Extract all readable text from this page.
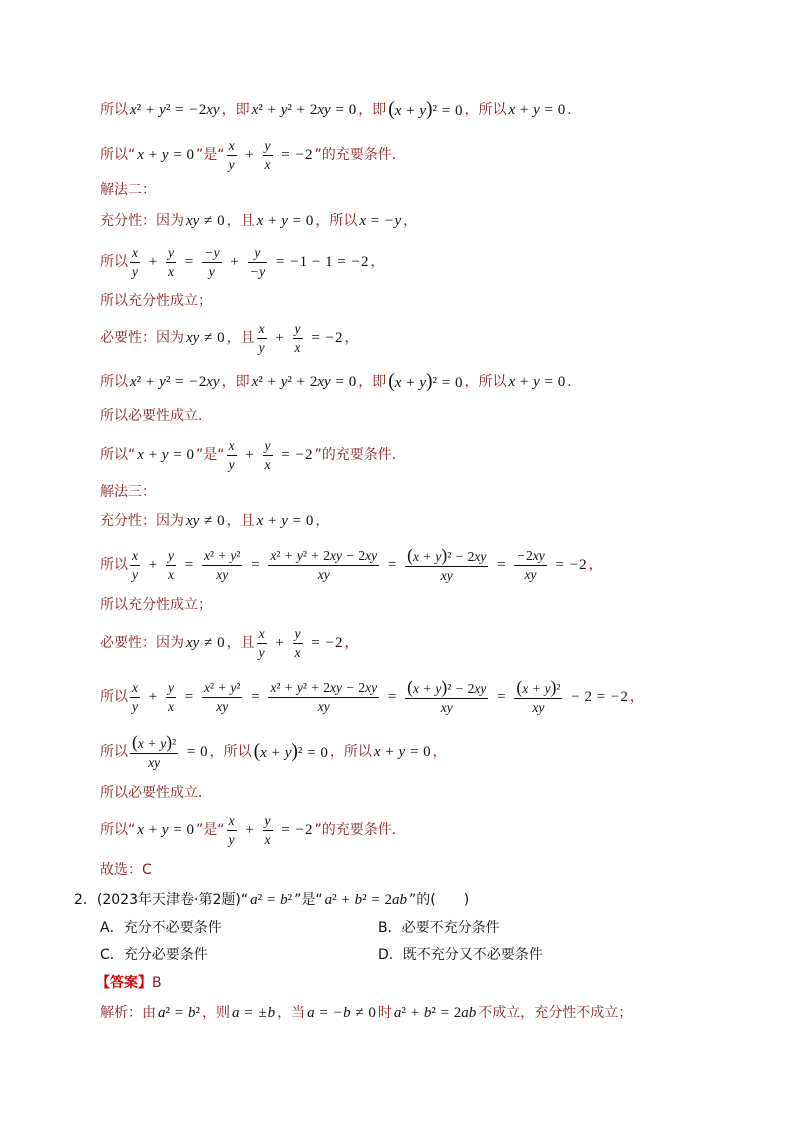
所以 x² + y² = −2xy ，即 x² + y² + 2xy = 0 ，即 (x + y)² = 0 ，所以 x + y = 0 ．
所以“ x + y = 0 ”是“ $\frac{x}{y} + \frac{y}{x} = -2$ ”的充要条件．
解法二：
充分性：因为 xy ≠ 0 ，且 x + y = 0 ，所以 x = −y ，
所以 $\frac{x}{y} + \frac{y}{x} = \frac{-y}{y} + \frac{y}{-y} = -1 - 1 = -2$ ，
所以充分性成立；
必要性：因为 xy ≠ 0 ，且 $\frac{x}{y} + \frac{y}{x} = -2$ ，
所以 x² + y² = −2xy ，即 x² + y² + 2xy = 0 ，即 (x + y)² = 0 ，所以 x + y = 0 ．
所以必要性成立．
所以“ x + y = 0 ”是“ $\frac{x}{y} + \frac{y}{x} = -2$ ”的充要条件．
解法三：
充分性：因为 xy ≠ 0 ，且 x + y = 0 ，
所以 $\frac{x}{y} + \frac{y}{x} = \frac{\text{x² + y²}}{xy} = \frac{\text{x² + y² + 2xy − 2xy}}{xy} = \frac{\text{(x + y)² − 2xy}}{xy} = \frac{-2xy}{xy} = -2$ ，
所以充分性成立；
必要性：因为 xy ≠ 0 ，且 $\frac{x}{y} + \frac{y}{x} = -2$ ，
所以 $\frac{x}{y} + \frac{y}{x} = \frac{\text{x² + y²}}{xy} = \frac{\text{x² + y² + 2xy − 2xy}}{xy} = \frac{\text{(x + y)² − 2xy}}{xy} = \frac{\text{(x + y)²}}{xy} - 2 = -2$ ，
所以 $\frac{\text{(x + y)²}}{xy} = 0$ ，所以 (x + y)² = 0 ，所以 x + y = 0 ，
所以必要性成立．
所以“ x + y = 0 ”是“ $\frac{x}{y} + \frac{y}{x} = -2$ ”的充要条件．
故选：C
2． (2023年天津卷·第2题) “ a² = b² ”是“ a² + b² = 2ab ”的(　　)
A． 充分不必要条件	B． 必要不充分条件
C． 充分必要条件	D． 既不充分又不必要条件
【答案】 B
解析：由 a² = b² ，则 a = ±b ，当 a = −b ≠ 0 时 a² + b² = 2ab 不成立，充分性不成立；
